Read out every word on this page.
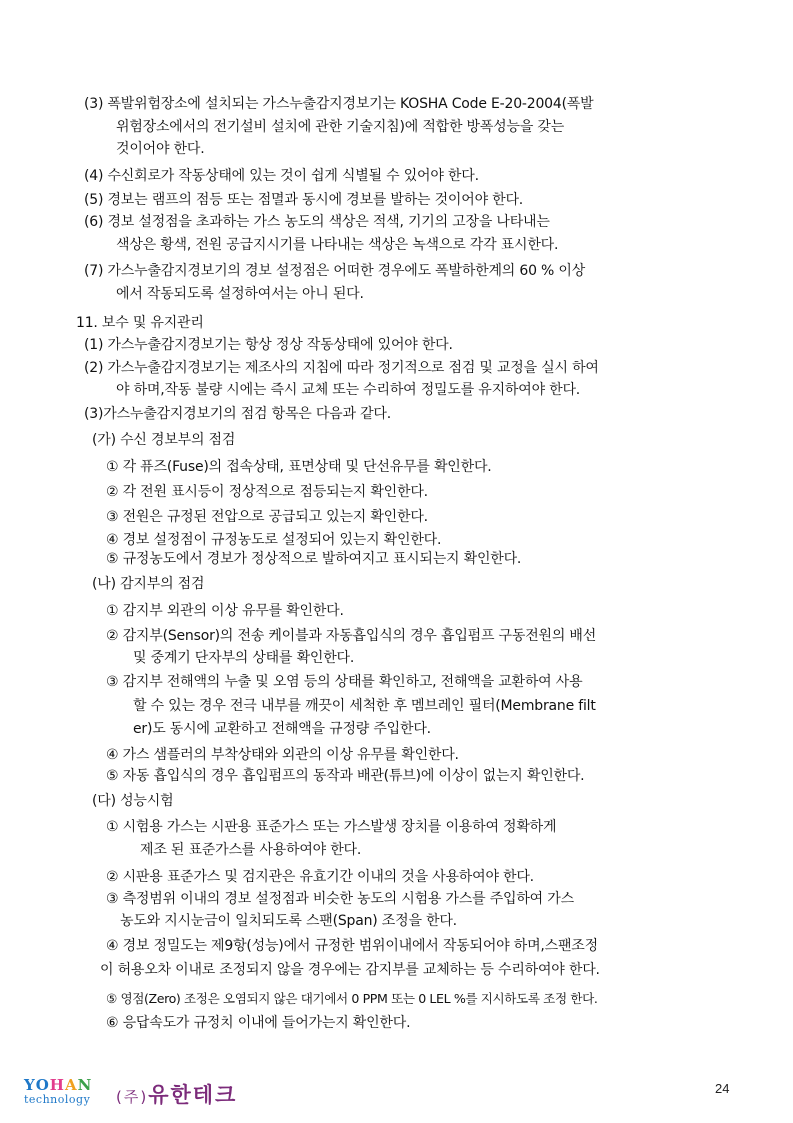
(3) 폭발위험장소에 설치되는 가스누출감지경보기는 KOSHA Code E-20-2004(폭발
위험장소에서의 전기설비 설치에 관한 기술지침)에 적합한 방폭성능을 갖는
것이어야 한다.
(4) 수신회로가 작동상태에 있는 것이 쉽게 식별될 수 있어야 한다.
(5) 경보는 램프의 점등 또는 점멸과 동시에 경보를 발하는 것이어야 한다.
(6) 경보 설정점을 초과하는 가스 농도의 색상은 적색, 기기의 고장을 나타내는
색상은 황색, 전원 공급지시기를 나타내는 색상은 녹색으로 각각 표시한다.
(7) 가스누출감지경보기의 경보 설정점은 어떠한 경우에도 폭발하한계의 60 % 이상
에서 작동되도록 설정하여서는 아니 된다.
11. 보수 및 유지관리
(1) 가스누출감지경보기는 항상 정상 작동상태에 있어야 한다.
(2) 가스누출감지경보기는 제조사의 지침에 따라 정기적으로 점검 및 교정을 실시 하여
야 하며,작동 불량 시에는 즉시 교체 또는 수리하여 정밀도를 유지하여야 한다.
(3)가스누출감지경보기의 점검 항목은 다음과 같다.
(가) 수신 경보부의 점검
① 각 퓨즈(Fuse)의 접속상태, 표면상태 및 단선유무를 확인한다.
② 각 전원 표시등이 정상적으로 점등되는지 확인한다.
③ 전원은 규정된 전압으로 공급되고 있는지 확인한다.
④ 경보 설정점이 규정농도로 설정되어 있는지 확인한다.
⑤ 규정농도에서 경보가 정상적으로 발하여지고 표시되는지 확인한다.
(나) 감지부의 점검
① 감지부 외관의 이상 유무를 확인한다.
② 감지부(Sensor)의 전송 케이블과 자동흡입식의 경우 흡입펌프 구동전원의 배선
및 중계기 단자부의 상태를 확인한다.
③ 감지부 전해액의 누출 및 오염 등의 상태를 확인하고, 전해액을 교환하여 사용
할 수 있는 경우 전극 내부를 깨끗이 세척한 후 멤브레인 필터(Membrane filt
er)도 동시에 교환하고 전해액을 규정량 주입한다.
④ 가스 샘플러의 부착상태와 외관의 이상 유무를 확인한다.
⑤ 자동 흡입식의 경우 흡입펌프의 동작과 배관(튜브)에 이상이 없는지 확인한다.
(다) 성능시험
① 시험용 가스는 시판용 표준가스 또는 가스발생 장치를 이용하여 정확하게
제조 된 표준가스를 사용하여야 한다.
② 시판용 표준가스 및 검지관은 유효기간 이내의 것을 사용하여야 한다.
③ 측정범위 이내의 경보 설정점과 비슷한 농도의 시험용 가스를 주입하여 가스
농도와 지시눈금이 일치되도록 스팬(Span) 조정을 한다.
④ 경보 정밀도는 제9항(성능)에서 규정한 범위이내에서 작동되어야 하며,스팬조정
이 허용오차 이내로 조정되지 않을 경우에는 감지부를 교체하는 등 수리하여야 한다.
⑤ 영점(Zero) 조정은 오염되지 않은 대기에서 0 PPM 또는 0 LEL %를 지시하도록 조정 한다.
⑥ 응답속도가 규정치 이내에 들어가는지 확인한다.
YOHAN
technology (주)유한테크	24
